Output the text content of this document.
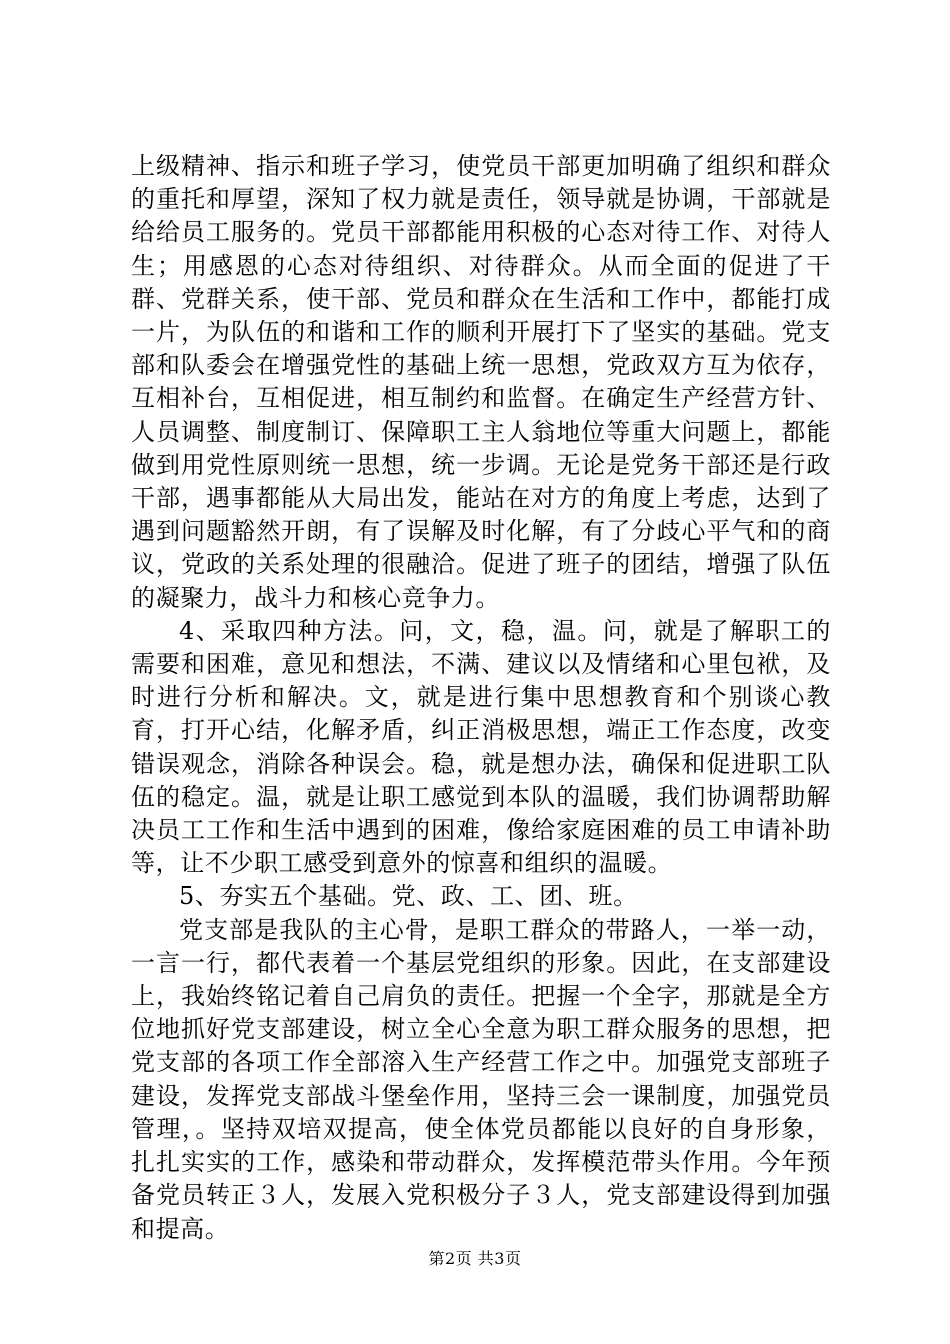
上级精神、指示和班子学习，使党员干部更加明确了组织和群众的重托和厚望，深知了权力就是责任，领导就是协调，干部就是给给员工服务的。党员干部都能用积极的心态对待工作、对待人生；用感恩的心态对待组织、对待群众。从而全面的促进了干群、党群关系，使干部、党员和群众在生活和工作中，都能打成一片，为队伍的和谐和工作的顺利开展打下了坚实的基础。党支部和队委会在增强党性的基础上统一思想，党政双方互为依存，互相补台，互相促进，相互制约和监督。在确定生产经营方针、人员调整、制度制订、保障职工主人翁地位等重大问题上，都能做到用党性原则统一思想，统一步调。无论是党务干部还是行政干部，遇事都能从大局出发，能站在对方的角度上考虑，达到了遇到问题豁然开朗，有了误解及时化解，有了分歧心平气和的商议，党政的关系处理的很融洽。促进了班子的团结，增强了队伍的凝聚力，战斗力和核心竞争力。

4、采取四种方法。问，文，稳，温。问，就是了解职工的需要和困难，意见和想法，不满、建议以及情绪和心里包袱，及时进行分析和解决。文，就是进行集中思想教育和个别谈心教育，打开心结，化解矛盾，纠正消极思想，端正工作态度，改变错误观念，消除各种误会。稳，就是想办法，确保和促进职工队伍的稳定。温，就是让职工感觉到本队的温暖，我们协调帮助解决员工工作和生活中遇到的困难，像给家庭困难的员工申请补助等，让不少职工感受到意外的惊喜和组织的温暖。

5、夯实五个基础。党、政、工、团、班。

党支部是我队的主心骨，是职工群众的带路人，一举一动，一言一行，都代表着一个基层党组织的形象。因此，在支部建设上，我始终铭记着自己肩负的责任。把握一个全字，那就是全方位地抓好党支部建设，树立全心全意为职工群众服务的思想，把党支部的各项工作全部溶入生产经营工作之中。加强党支部班子建设，发挥党支部战斗堡垒作用，坚持三会一课制度，加强党员管理，。坚持双培双提高，使全体党员都能以良好的自身形象，扎扎实实的工作，感染和带动群众，发挥模范带头作用。今年预备党员转正３人，发展入党积极分子３人，党支部建设得到加强和提高。

第2页 共3页
